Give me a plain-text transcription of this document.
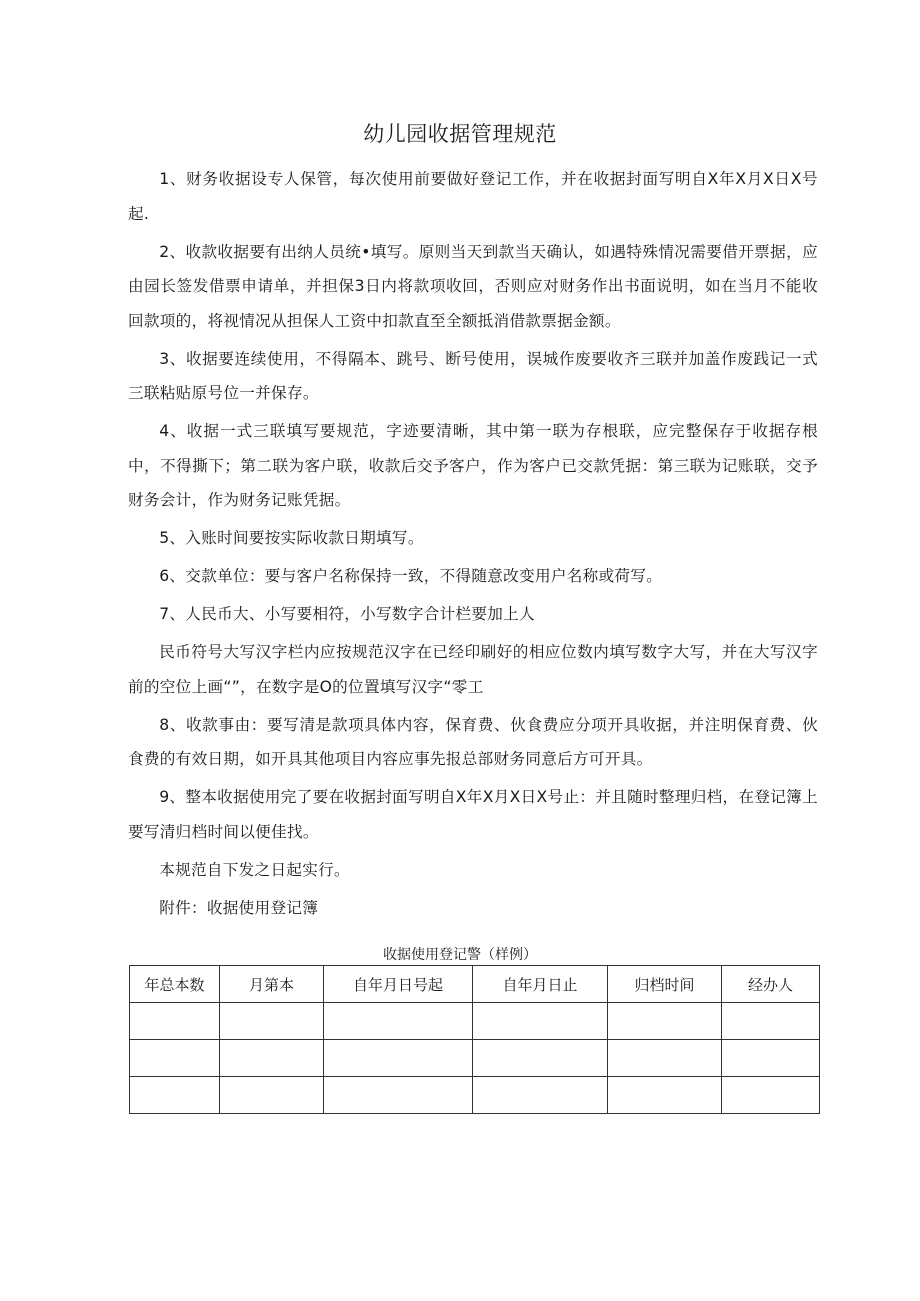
幼儿园收据管理规范

1、财务收据设专人保管，每次使用前要做好登记工作，并在收据封面写明自X年X月X日X号起.

2、收款收据要有出纳人员统•填写。原则当天到款当天确认，如遇特殊情况需要借开票据，应由园长签发借票申请单，并担保3日内将款项收回，否则应对财务作出书面说明，如在当月不能收回款项的，将视情况从担保人工资中扣款直至全额抵消借款票据金额。

3、收据要连续使用，不得隔本、跳号、断号使用，误城作废要收齐三联并加盖作废践记一式三联粘贴原号位一并保存。

4、收据一式三联填写要规范，字迹要清晰，其中第一联为存根联，应完整保存于收据存根中，不得撕下；第二联为客户联，收款后交予客户，作为客户已交款凭据：第三联为记账联，交予财务会计，作为财务记账凭据。

5、入账时间要按实际收款日期填写。

6、交款单位：要与客户名称保持一致，不得随意改变用户名称或荷写。

7、人民币大、小写要相符，小写数字合计栏要加上人

民币符号大写汉字栏内应按规范汉字在已经印刷好的相应位数内填写数字大写，并在大写汉字前的空位上画“”，在数字是O的位置填写汉字“零工

8、收款事由：要写清是款项具体内容，保育费、伙食费应分项开具收据，并注明保育费、伙食费的有效日期，如开具其他项目内容应事先报总部财务同意后方可开具。

9、整本收据使用完了要在收据封面写明自X年X月X日X号止：并且随时整理归档，在登记簿上要写清归档时间以便佳找。

本规范自下发之日起实行。

附件：收据使用登记簿

收据使用登记警（样例）
年总本数	月第本	自年月日号起	自年月日止	归档时间	经办人
